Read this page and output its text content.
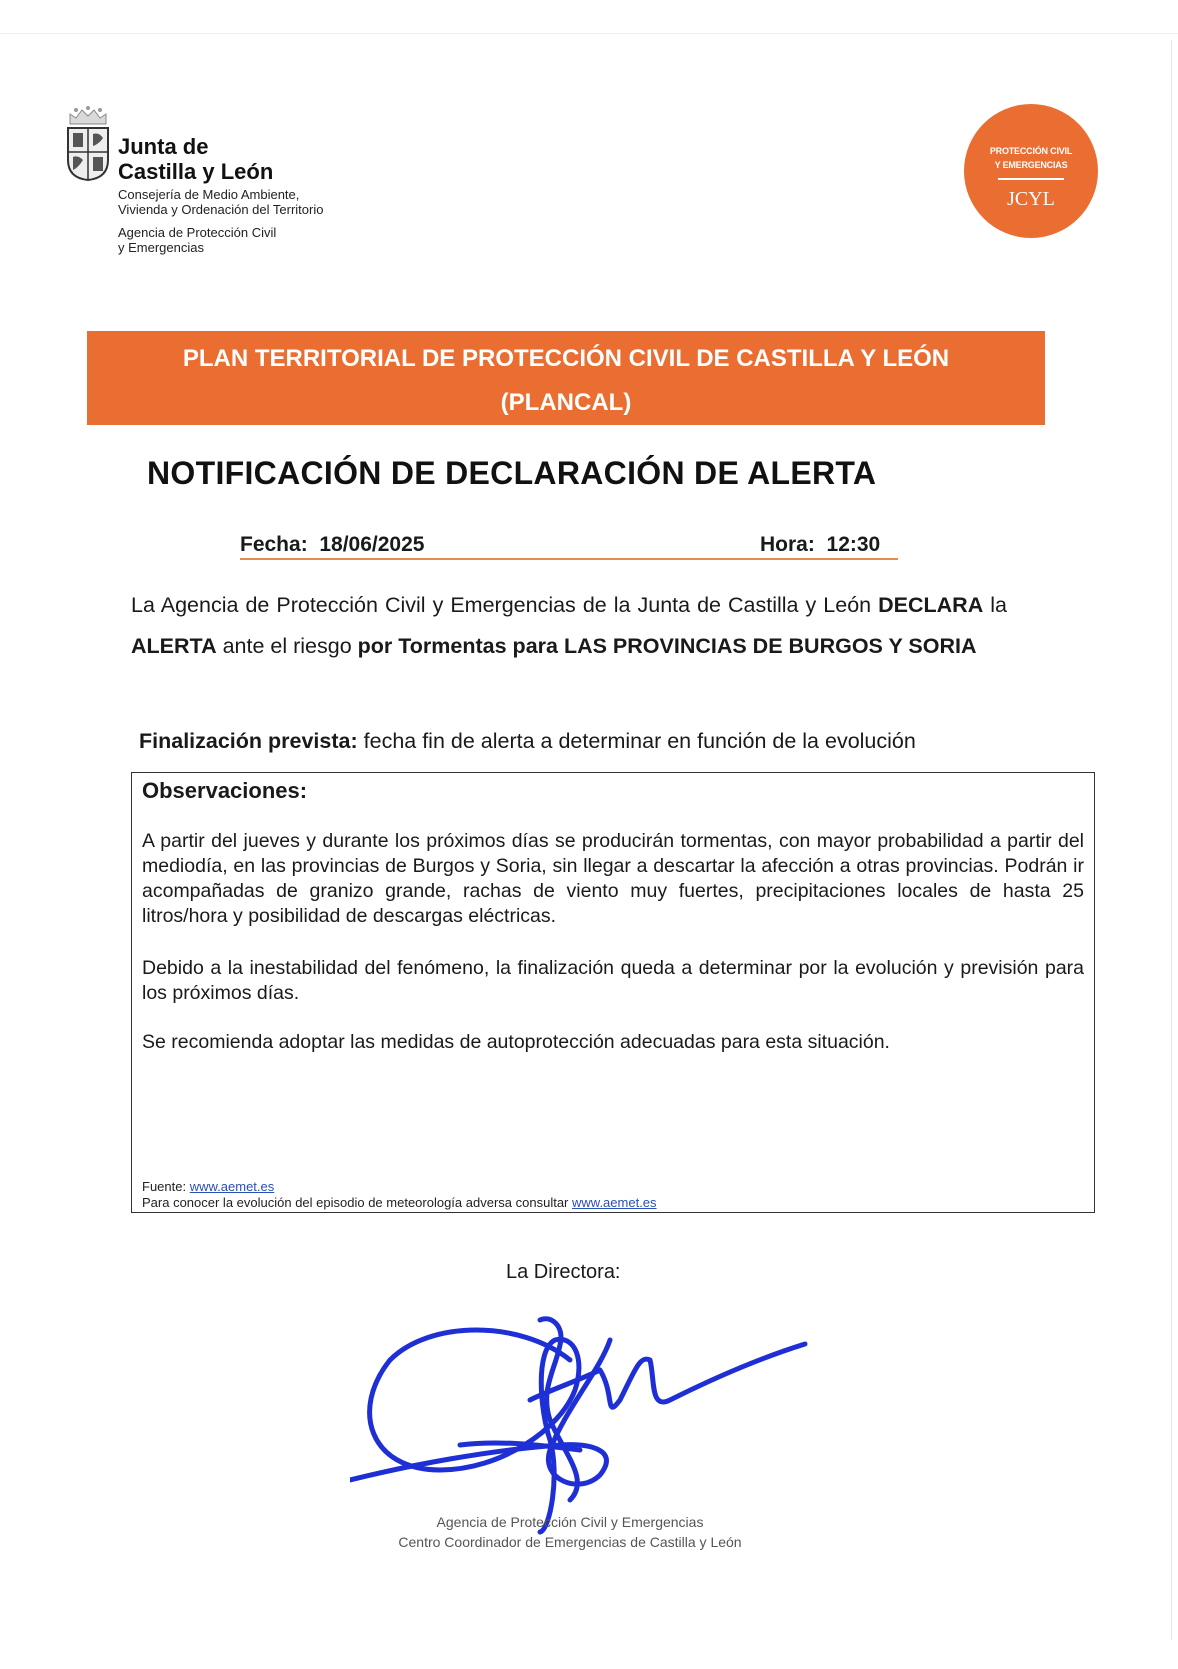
Junta de
Castilla y León
Consejería de Medio Ambiente,
Vivienda y Ordenación del Territorio
Agencia de Protección Civil
y Emergencias
PROTECCIÓN CIVIL
Y EMERGENCIAS
JCYL
PLAN TERRITORIAL DE PROTECCIÓN CIVIL DE CASTILLA Y LEÓN
(PLANCAL)
NOTIFICACIÓN DE DECLARACIÓN DE ALERTA
Fecha: 18/06/2025	Hora: 12:30
La Agencia de Protección Civil y Emergencias de la Junta de Castilla y León DECLARA la ALERTA ante el riesgo por Tormentas para LAS PROVINCIAS DE BURGOS Y SORIA
Finalización prevista: fecha fin de alerta a determinar en función de la evolución
Observaciones:
A partir del jueves y durante los próximos días se producirán tormentas, con mayor probabilidad a partir del mediodía, en las provincias de Burgos y Soria, sin llegar a descartar la afección a otras provincias. Podrán ir acompañadas de granizo grande, rachas de viento muy fuertes, precipitaciones locales de hasta 25 litros/hora y posibilidad de descargas eléctricas.
Debido a la inestabilidad del fenómeno, la finalización queda a determinar por la evolución y previsión para los próximos días.
Se recomienda adoptar las medidas de autoprotección adecuadas para esta situación.
Fuente: www.aemet.es
Para conocer la evolución del episodio de meteorología adversa consultar www.aemet.es
La Directora:
Agencia de Protección Civil y Emergencias
Centro Coordinador de Emergencias de Castilla y León
